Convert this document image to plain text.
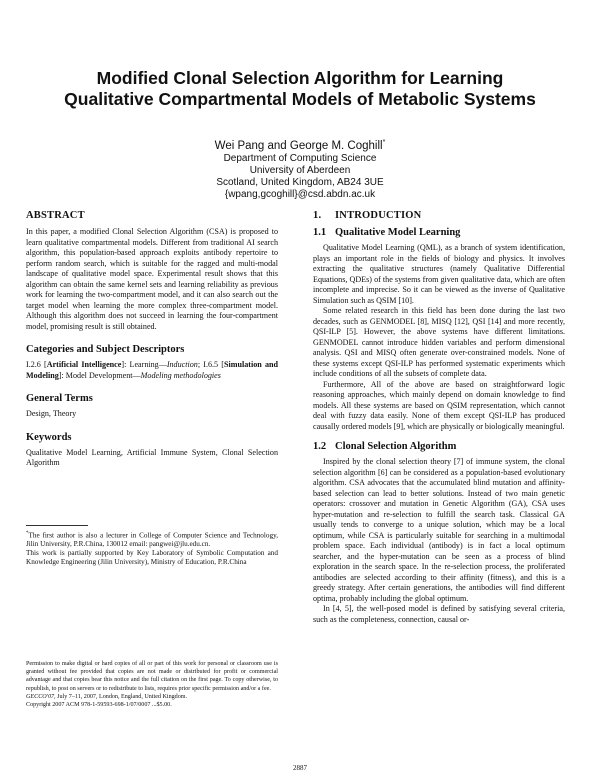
Modified Clonal Selection Algorithm for Learning
Qualitative Compartmental Models of Metabolic Systems
Wei Pang and George M. Coghill*
Department of Computing Science
University of Aberdeen
Scotland, United Kingdom, AB24 3UE
{wpang,gcoghill}@csd.abdn.ac.uk
ABSTRACT

In this paper, a modified Clonal Selection Algorithm (CSA) is proposed to learn qualitative compartmental models. Different from traditional AI search algorithm, this population-based approach exploits antibody repertoire to perform random search, which is suitable for the ragged and multi-modal landscape of qualitative model space. Experimental result shows that this algorithm can obtain the same kernel sets and learning reliability as previous work for learning the two-compartment model, and it can also search out the target model when learning the more complex three-compartment model. Although this algorithm does not succeed in learning the four-compartment model, promising result is still obtained.

Categories and Subject Descriptors

I.2.6 [Artificial Intelligence]: Learning—Induction; I.6.5 [Simulation and Modeling]: Model Development—Modeling methodologies

General Terms

Design, Theory

Keywords

Qualitative Model Learning, Artificial Immune System, Clonal Selection Algorithm

*The first author is also a lecturer in College of Computer Science and Technology, Jilin University, P.R.China, 130012 email: pangwei@jlu.edu.cn.

This work is partially supported by Key Laboratory of Symbolic Computation and Knowledge Engineering (Jilin University), Ministry of Education, P.R.China

Permission to make digital or hard copies of all or part of this work for personal or classroom use is granted without fee provided that copies are not made or distributed for profit or commercial advantage and that copies bear this notice and the full citation on the first page. To copy otherwise, to republish, to post on servers or to redistribute to lists, requires prior specific permission and/or a fee.

GECCO'07, July 7–11, 2007, London, England, United Kingdom.

Copyright 2007 ACM 978-1-59593-698-1/07/0007 ...$5.00.

1. INTRODUCTION
1.1 Qualitative Model Learning

Qualitative Model Learning (QML), as a branch of system identification, plays an important role in the fields of biology and physics. It involves extracting the qualitative structures (namely Qualitative Differential Equations, QDEs) of the systems from given qualitative data, which are often incomplete and imprecise. So it can be viewed as the inverse of Qualitative Simulation such as QSIM [10].

Some related research in this field has been done during the last two decades, such as GENMODEL [8], MISQ [12], QSI [14] and more recently, QSI-ILP [5]. However, the above systems have different limitations. GENMODEL cannot introduce hidden variables and perform dimensional analysis. QSI and MISQ often generate over-constrained models. None of these systems except QSI-ILP has performed systematic experiments which include conditions of all the subsets of complete data.

Furthermore, All of the above are based on straightforward logic reasoning approaches, which mainly depend on domain knowledge to find models. All these systems are based on QSIM representation, which cannot deal with fuzzy data easily. None of them except QSI-ILP has produced causally ordered models [9], which are physically or biologically meaningful.

1.2 Clonal Selection Algorithm

Inspired by the clonal selection theory [7] of immune system, the clonal selection algorithm [6] can be considered as a population-based evolutionary algorithm. CSA advocates that the accumulated blind mutation and affinity-based selection can lead to better solutions. Instead of two main genetic operators: crossover and mutation in Genetic Algorithm (GA), CSA uses hyper-mutation and re-selection to fulfill the search task. Classical GA usually tends to converge to a unique solution, which may be a local optimum, while CSA is particularly suitable for searching in a multimodal problem space. Each individual (antibody) is in fact a local optimum searcher, and the hyper-mutation can be seen as a process of blind exploration in the search space. In the re-selection process, the proliferated antibodies are selected according to their affinity (fitness), and this is a greedy strategy. After certain generations, the antibodies will find different optima, probably including the global optimum.

In [4, 5], the well-posed model is defined by satisfying several criteria, such as the completeness, connection, causal or-

2887
